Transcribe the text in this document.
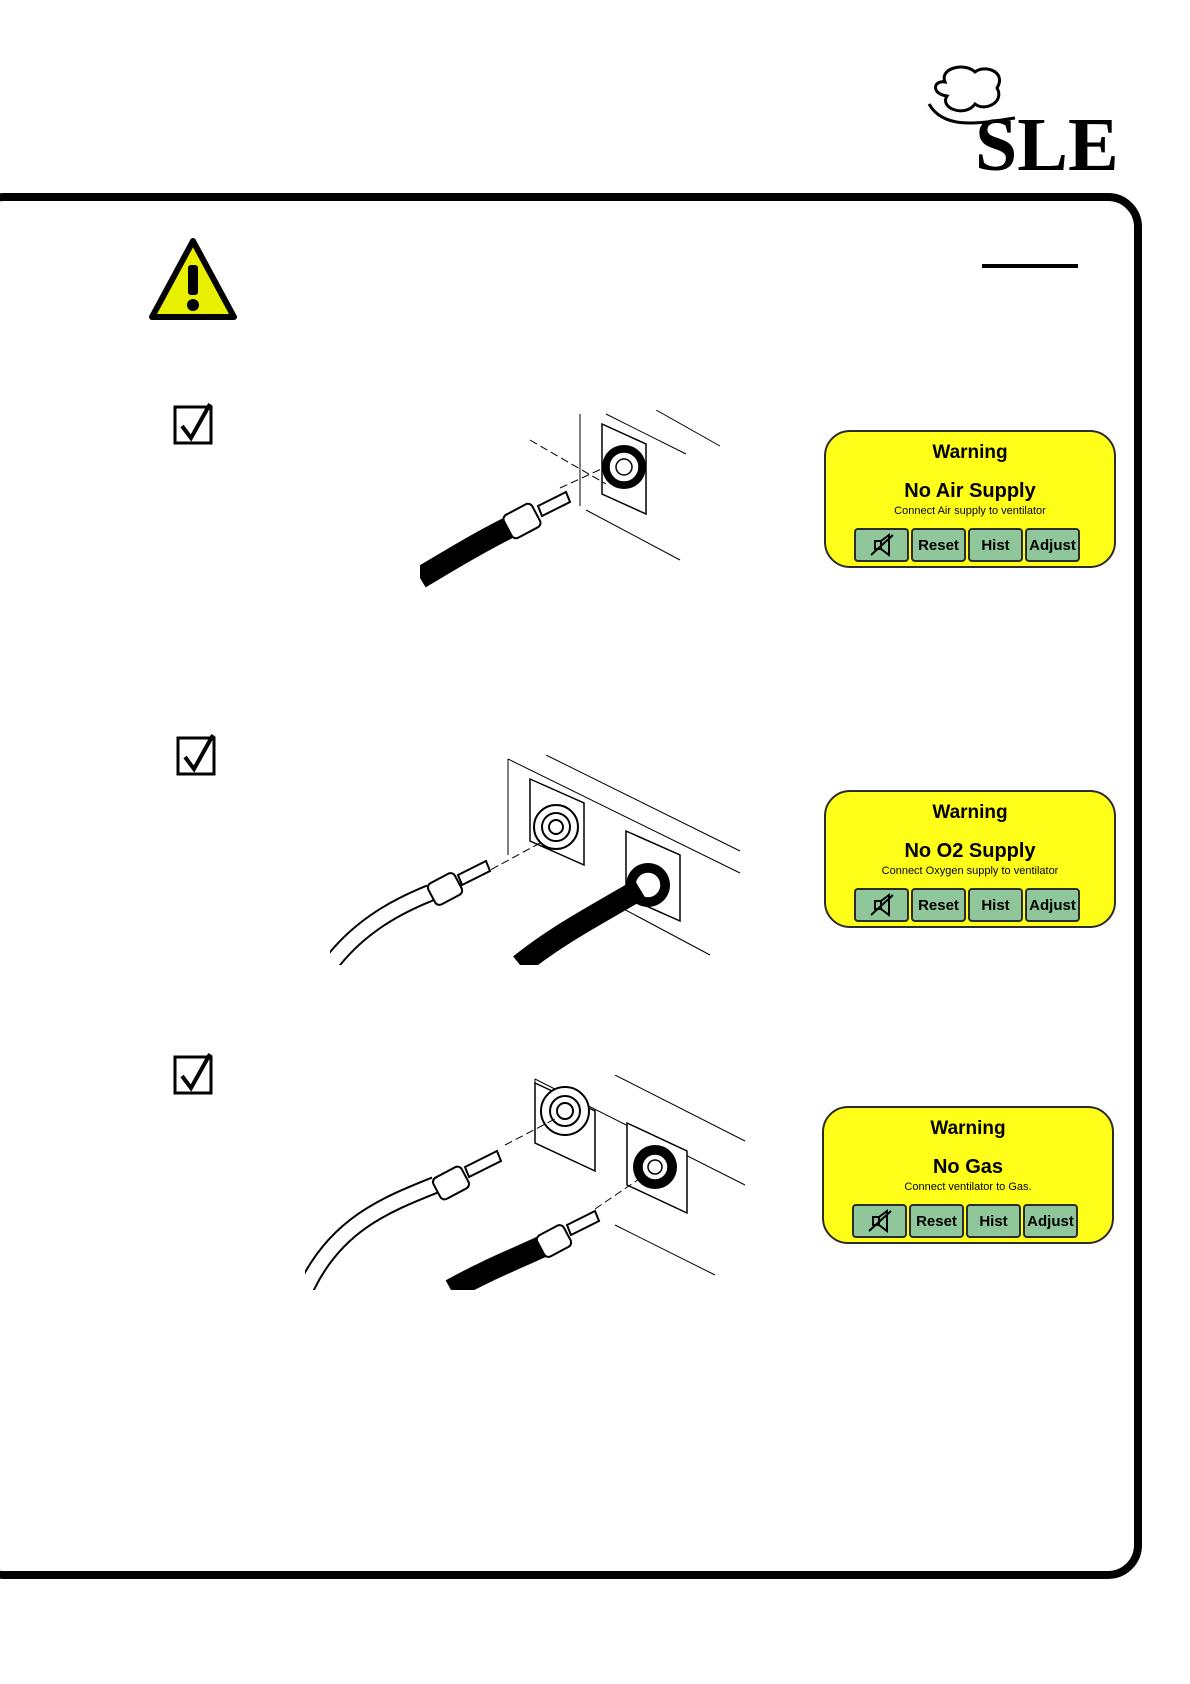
SLE
Warning
No Air Supply
Connect Air supply to ventilator
Reset	Hist	Adjust
Warning
No O2 Supply
Connect Oxygen supply to ventilator
Reset	Hist	Adjust
Warning
No Gas
Connect ventilator to Gas.
Reset	Hist	Adjust
